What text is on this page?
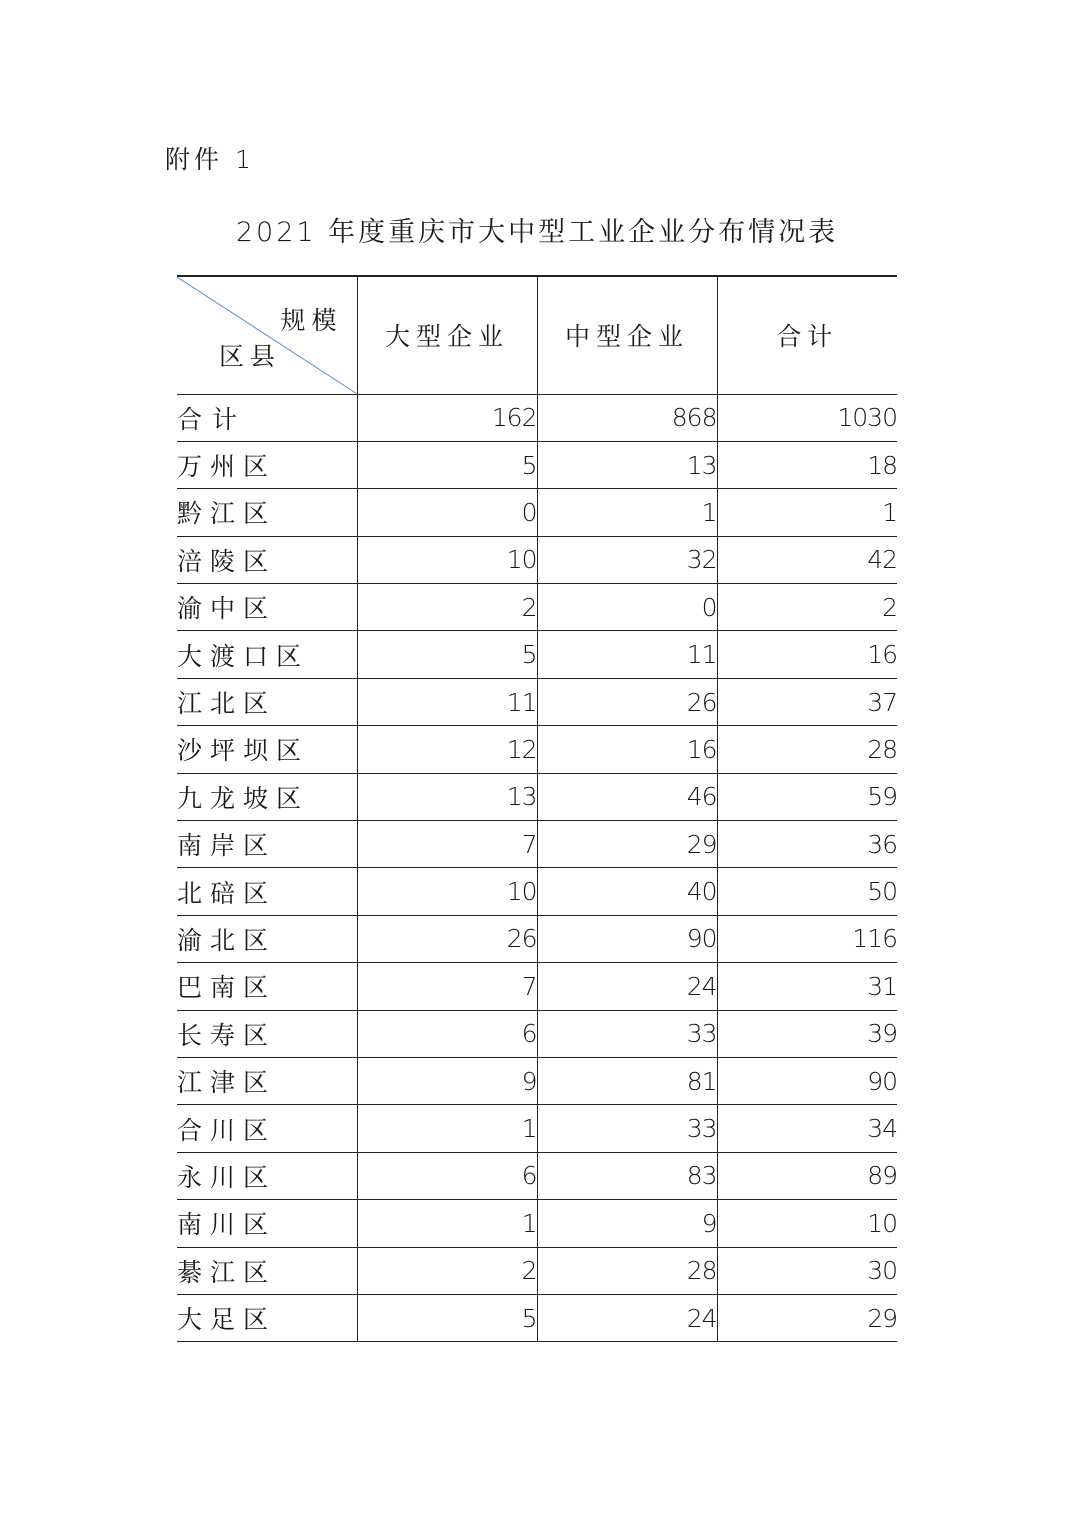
附件 1
2021 年度重庆市大中型工业企业分布情况表
规模
区县	大型企业	中型企业	合计
合计	162	868	1030
万州区	5	13	18
黔江区	0	1	1
涪陵区	10	32	42
渝中区	2	0	2
大渡口区	5	11	16
江北区	11	26	37
沙坪坝区	12	16	28
九龙坡区	13	46	59
南岸区	7	29	36
北碚区	10	40	50
渝北区	26	90	116
巴南区	7	24	31
长寿区	6	33	39
江津区	9	81	90
合川区	1	33	34
永川区	6	83	89
南川区	1	9	10
綦江区	2	28	30
大足区	5	24	29
